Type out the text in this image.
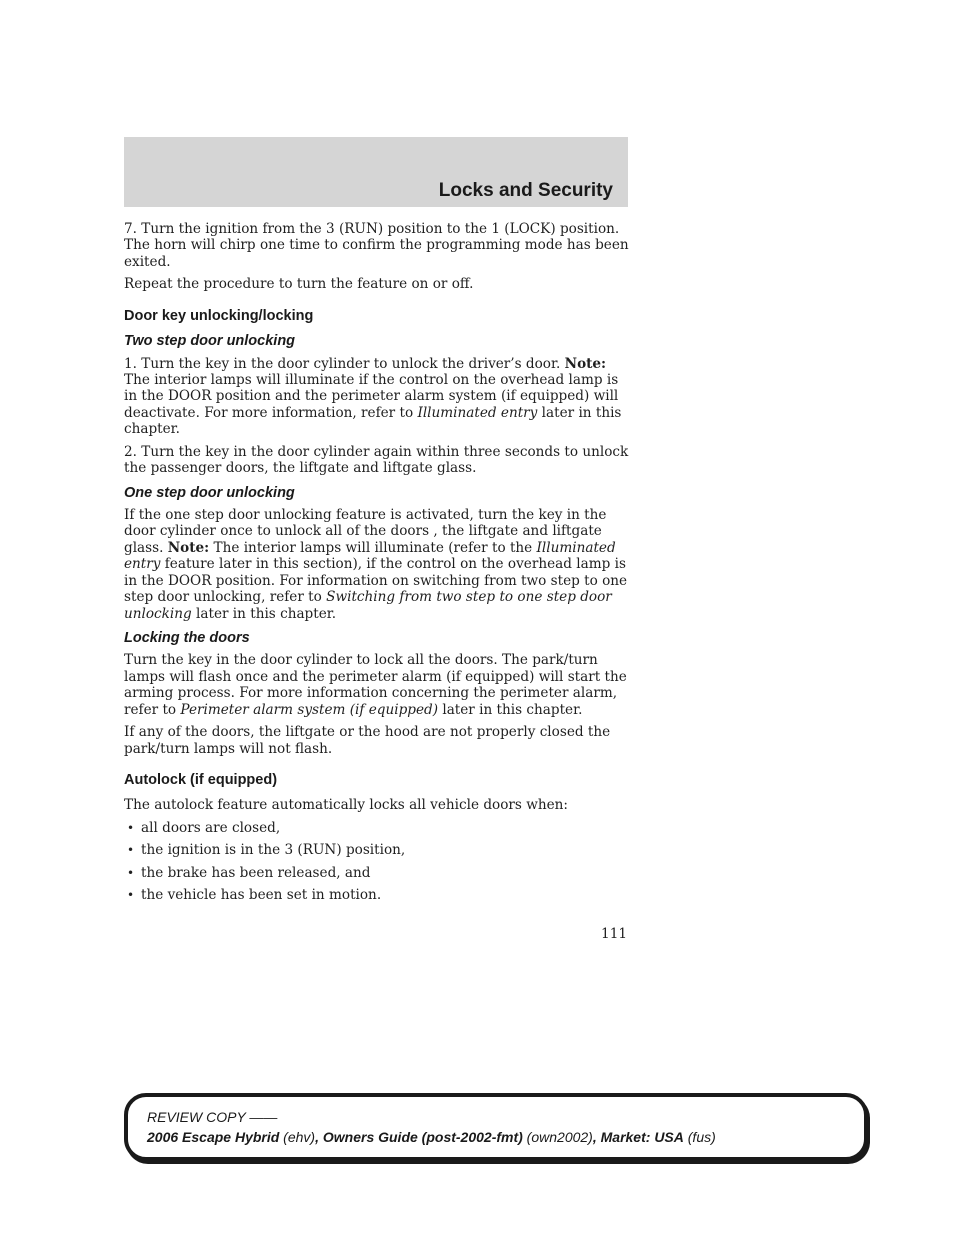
Locks and Security

7. Turn the ignition from the 3 (RUN) position to the 1 (LOCK) position. The horn will chirp one time to confirm the programming mode has been exited.

Repeat the procedure to turn the feature on or off.

Door key unlocking/locking
Two step door unlocking

1. Turn the key in the door cylinder to unlock the driver’s door. Note: The interior lamps will illuminate if the control on the overhead lamp is in the DOOR position and the perimeter alarm system (if equipped) will deactivate. For more information, refer to Illuminated entry later in this chapter.

2. Turn the key in the door cylinder again within three seconds to unlock the passenger doors, the liftgate and liftgate glass.

One step door unlocking

If the one step door unlocking feature is activated, turn the key in the door cylinder once to unlock all of the doors , the liftgate and liftgate glass. Note: The interior lamps will illuminate (refer to the Illuminated entry feature later in this section), if the control on the overhead lamp is in the DOOR position. For information on switching from two step to one step door unlocking, refer to Switching from two step to one step door unlocking later in this chapter.

Locking the doors

Turn the key in the door cylinder to lock all the doors. The park/turn lamps will flash once and the perimeter alarm (if equipped) will start the arming process. For more information concerning the perimeter alarm, refer to Perimeter alarm system (if equipped) later in this chapter.

If any of the doors, the liftgate or the hood are not properly closed the park/turn lamps will not flash.

Autolock (if equipped)

The autolock feature automatically locks all vehicle doors when:

• all doors are closed,
• the ignition is in the 3 (RUN) position,
• the brake has been released, and
• the vehicle has been set in motion.
111
REVIEW COPY ——
2006 Escape Hybrid (ehv), Owners Guide (post-2002-fmt) (own2002), Market: USA (fus)
